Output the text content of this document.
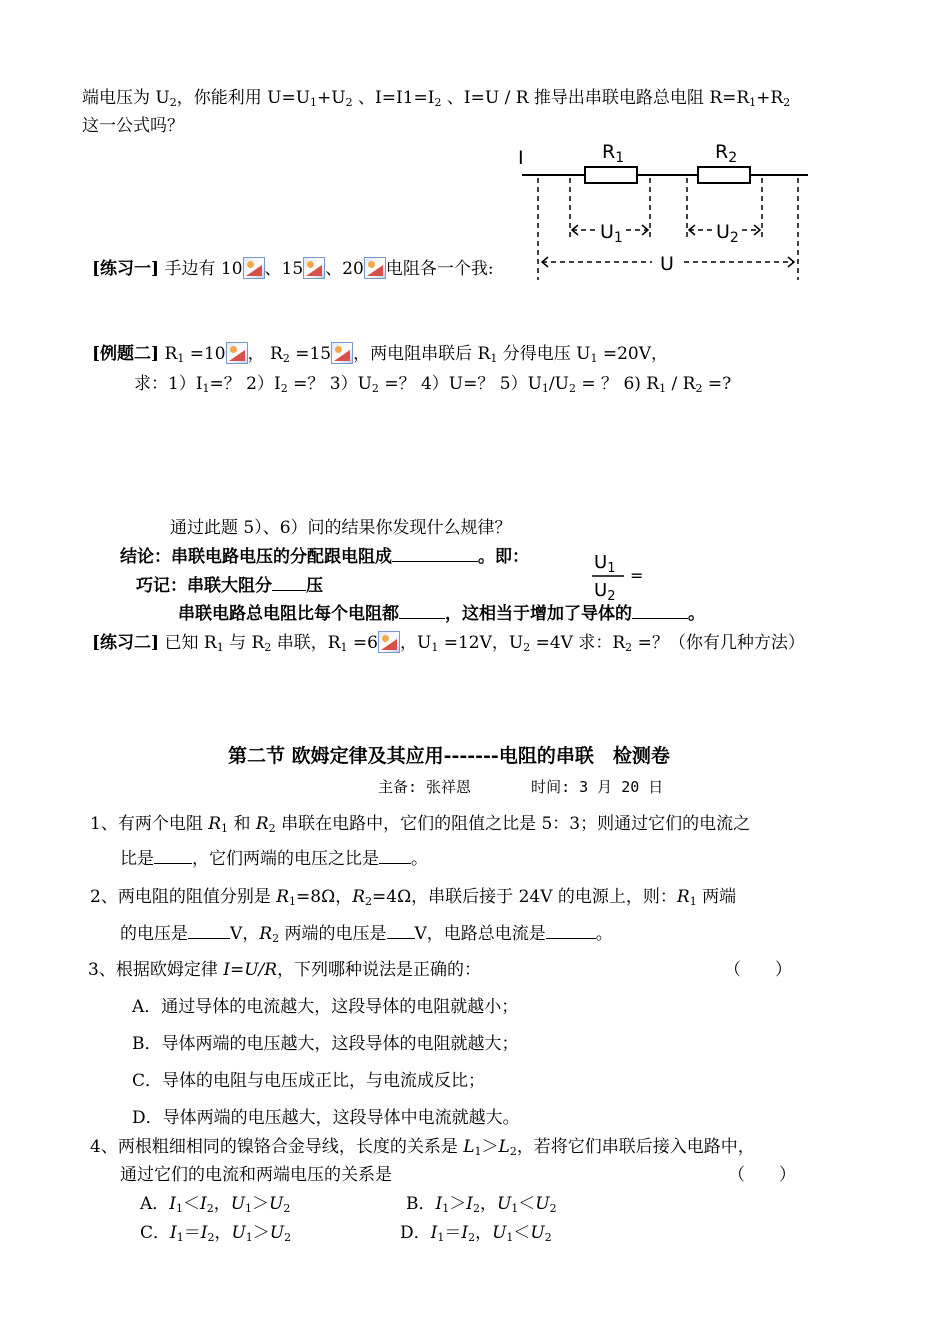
端电压为 $U_2$，你能利用 $U=U_1+U_2$ 、$I=I1=I_2$ 、I=U / R 推导出串联电路总电阻 $R=R_1+R_2$
这一公式吗？
I	$R_1$	$R_2$
$U_1$	$U_2$
U
[练习一] 手边有 10 、15 、20 电阻各一个我:
[例题二] $R_1 =10$ ， $R_2 =15$ ，两电阻串联后 $R_1$ 分得电压 $U_1 =20V$，
求：$1)I_1=$？ $2)I_2$ =？ $3)U_2$ =？ 4）U=？ $5)U_1/U_2$ = ？ 6) $R_1 / R_2$ =?
通过此题 5）、6）问的结果你发现什么规律？
结论：串联电路电压的分配跟电阻成	。即：
巧记：串联大阻分 压
$U_1$
$U_2$
=
串联电路总电阻比每个电阻都	，这相当于增加了导体的	。
[练习二] 已知 $R_1$ 与 $R_2$ 串联，$R_1 =6$ ，$U_1 =12V$，$U_2 =4V$ 求：$R_2$ =？（你有几种方法）
第二节 欧姆定律及其应用-------电阻的串联　检测卷
主备: 张祥恩　　　　时间: 3 月 20 日
1、有两个电阻 $R_1$ 和 $R_2$ 串联在电路中，它们的阻值之比是 5：3；则通过它们的电流之
比是 ，它们两端的电压之比是 。
2、两电阻的阻值分别是 $R_1=8\Omega$，$R_2=4\Omega$，串联后接于 24V 的电源上，则：$R_1$ 两端
的电压是 V，$R_2$ 两端的电压是 V，电路总电流是	。
3、根据欧姆定律 I=U/R，下列哪种说法是正确的：	（　　）
A．通过导体的电流越大，这段导体的电阻就越小；
B．导体两端的电压越大，这段导体的电阻就越大；
C．导体的电阻与电压成正比，与电流成反比；
D．导体两端的电压越大，这段导体中电流就越大。
4、两根粗细相同的镍铬合金导线，长度的关系是 $L_1>L_2$，若将它们串联后接入电路中，
通过它们的电流和两端电压的关系是	（　　）
A．$I_1<I_2$，$U_1>U_2$	B．$I_1>I_2$，$U_1<U_2$
C．$I_1=I_2$，$U_1>U_2$	D．$I_1=I_2$，$U_1<U_2$
